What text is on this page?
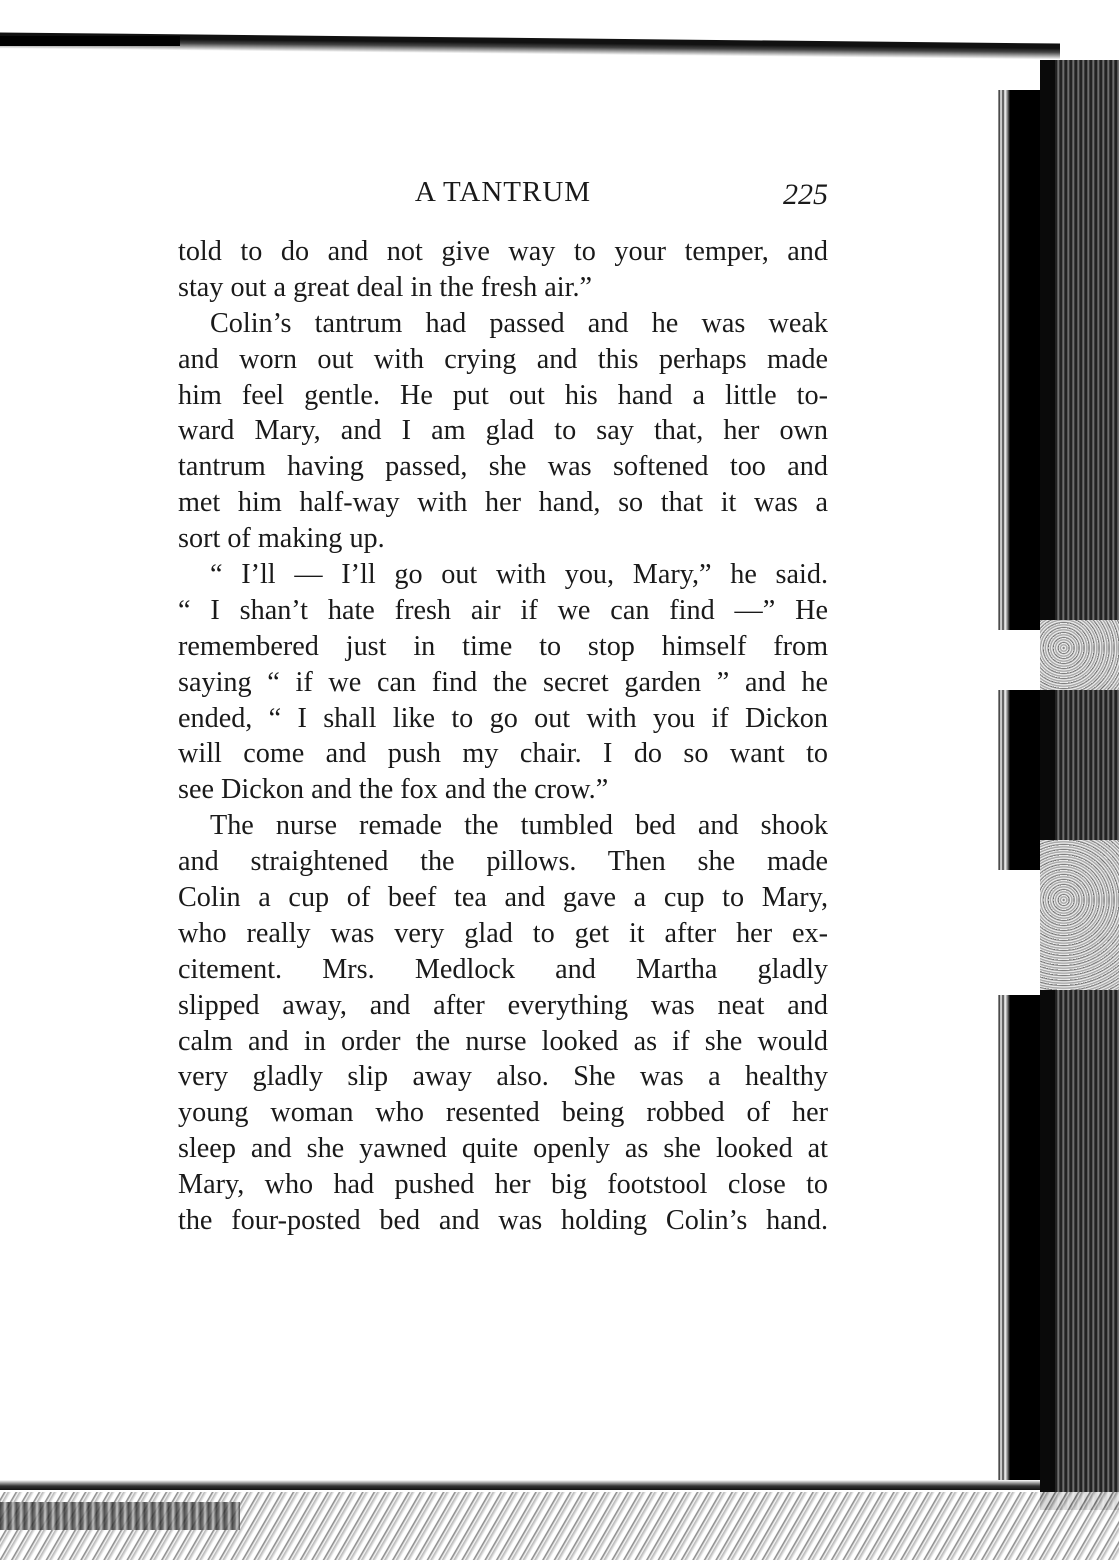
A TANTRUM	225
told to do and not give way to your temper, and
stay out a great deal in the fresh air.”
Colin’s tantrum had passed and he was weak
and worn out with crying and this perhaps made
him feel gentle. He put out his hand a little to-
ward Mary, and I am glad to say that, her own
tantrum having passed, she was softened too and
met him half-way with her hand, so that it was a
sort of making up.
“ I’ll — I’ll go out with you, Mary,” he said.
“ I shan’t hate fresh air if we can find —” He
remembered just in time to stop himself from
saying “ if we can find the secret garden ” and he
ended, “ I shall like to go out with you if Dickon
will come and push my chair. I do so want to
see Dickon and the fox and the crow.”
The nurse remade the tumbled bed and shook
and straightened the pillows. Then she made
Colin a cup of beef tea and gave a cup to Mary,
who really was very glad to get it after her ex-
citement. Mrs. Medlock and Martha gladly
slipped away, and after everything was neat and
calm and in order the nurse looked as if she would
very gladly slip away also. She was a healthy
young woman who resented being robbed of her
sleep and she yawned quite openly as she looked at
Mary, who had pushed her big footstool close to
the four-posted bed and was holding Colin’s hand.
